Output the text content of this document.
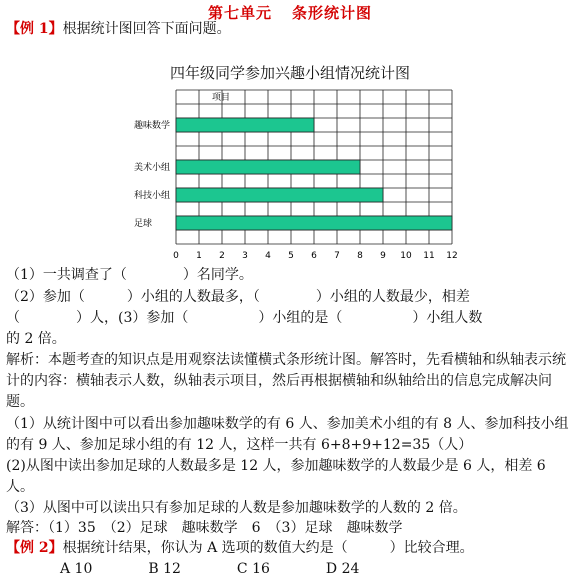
第七单元 条形统计图
【例 1】根据统计图回答下面问题。
四年级同学参加兴趣小组情况统计图
趣味数学
美术小组
科技小组
足球
0 1 2 3 4 5 6 7 8 9 10 11 12
项目
（1）一共调查了（　　　　）名同学。
（2）参加（　　　）小组的人数最多，（　　　　）小组的人数最少，相差
（　　　　）人，(3）参加（　　　　　）小组的是（　　　　　）小组人数
的 2 倍。
解析：本题考查的知识点是用观察法读懂横式条形统计图。解答时，先看横轴和纵轴表示统计的内容：横轴表示人数，纵轴表示项目，然后再根据横轴和纵轴给出的信息完成解决问题。
（1）从统计图中可以看出参加趣味数学的有 6 人、参加美术小组的有 8 人、参加科技小组的有 9 人、参加足球小组的有 12 人，这样一共有 6+8+9+12=35（人）
(2)从图中读出参加足球的人数最多是 12 人，参加趣味数学的人数最少是 6 人，相差 6 人。
（3）从图中可以读出只有参加足球的人数是参加趣味数学的人数的 2 倍。
解答：（1）35　（2）足球　趣味数学　6　（3）足球　趣味数学
【例 2】根据统计结果，你认为 A 选项的数值大约是（　　　）比较合理。
A 10　　　　B 12　　　　C 16　　　　D 24
